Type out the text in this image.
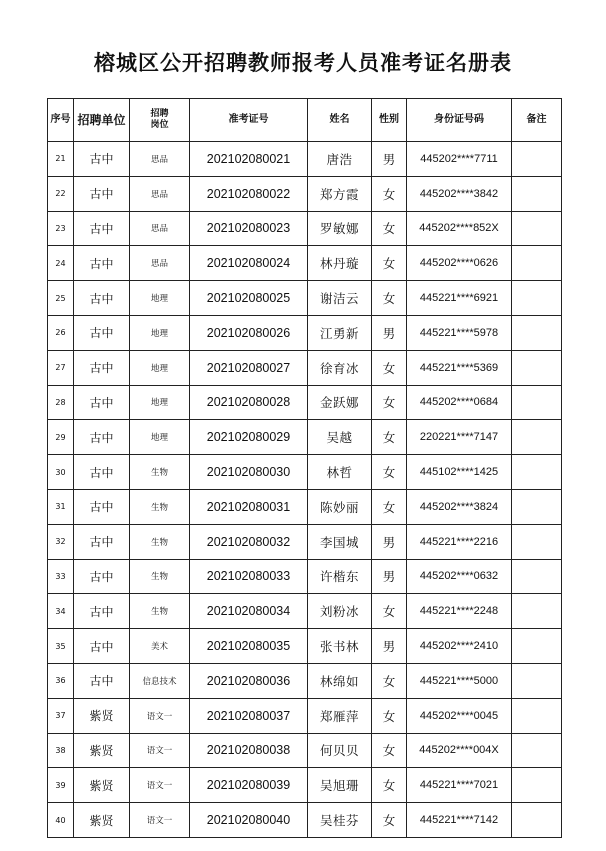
榕城区公开招聘教师报考人员准考证名册表
序号	招聘单位	招聘岗位	准考证号	姓名	性别	身份证号码	备注
21	古中	思品	202102080021	唐浩	男	445202****7711	
22	古中	思品	202102080022	郑方霞	女	445202****3842	
23	古中	思品	202102080023	罗敏娜	女	445202****852X	
24	古中	思品	202102080024	林丹璇	女	445202****0626	
25	古中	地理	202102080025	谢洁云	女	445221****6921	
26	古中	地理	202102080026	江勇新	男	445221****5978	
27	古中	地理	202102080027	徐育冰	女	445221****5369	
28	古中	地理	202102080028	金跃娜	女	445202****0684	
29	古中	地理	202102080029	吴越	女	220221****7147	
30	古中	生物	202102080030	林哲	女	445102****1425	
31	古中	生物	202102080031	陈妙丽	女	445202****3824	
32	古中	生物	202102080032	李国城	男	445221****2216	
33	古中	生物	202102080033	许楷东	男	445202****0632	
34	古中	生物	202102080034	刘粉冰	女	445221****2248	
35	古中	美术	202102080035	张书林	男	445202****2410	
36	古中	信息技术	202102080036	林绵如	女	445221****5000	
37	紫贤	语文一	202102080037	郑雁萍	女	445202****0045	
38	紫贤	语文一	202102080038	何贝贝	女	445202****004X	
39	紫贤	语文一	202102080039	吴旭珊	女	445221****7021	
40	紫贤	语文一	202102080040	吴桂芬	女	445221****7142	
